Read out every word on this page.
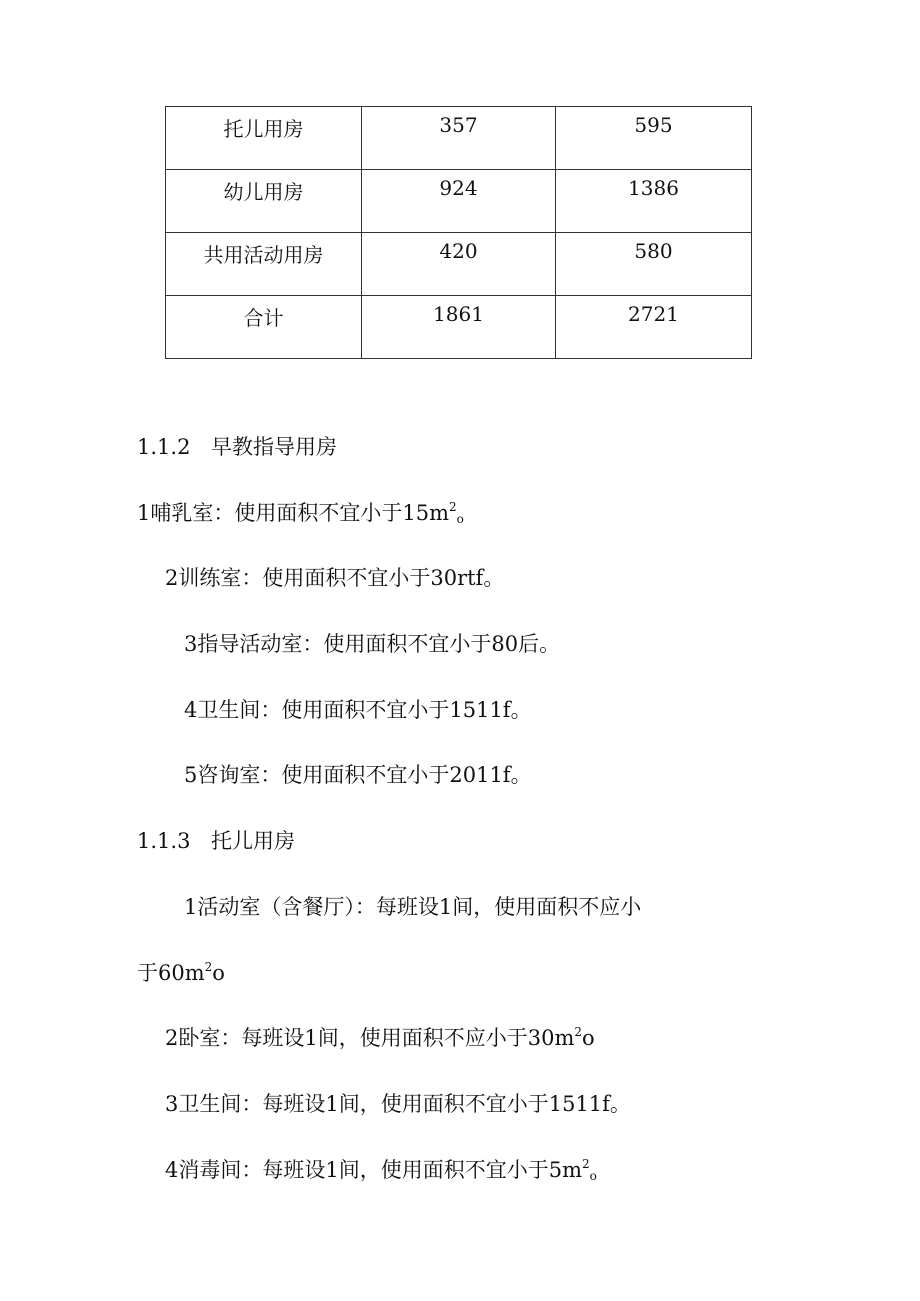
托儿用房	357	595
幼儿用房	924	1386
共用活动用房	420	580
合计	1861	2721
1.1.2 早教指导用房
1哺乳室：使用面积不宜小于$15m^2_o$
2训练室：使用面积不宜小于30rtf。
3指导活动室：使用面积不宜小于80后。
4卫生间：使用面积不宜小于1511f。
5咨询室：使用面积不宜小于2011f。
1.1.3 托儿用房
1活动室（含餐厅）：每班设1间，使用面积不应小
于$60m^2o$
2卧室：每班设1间，使用面积不应小于$30m^2o$
3卫生间：每班设1间，使用面积不宜小于1511f。
4消毒间：每班设1间，使用面积不宜小于$5m^2_o$
